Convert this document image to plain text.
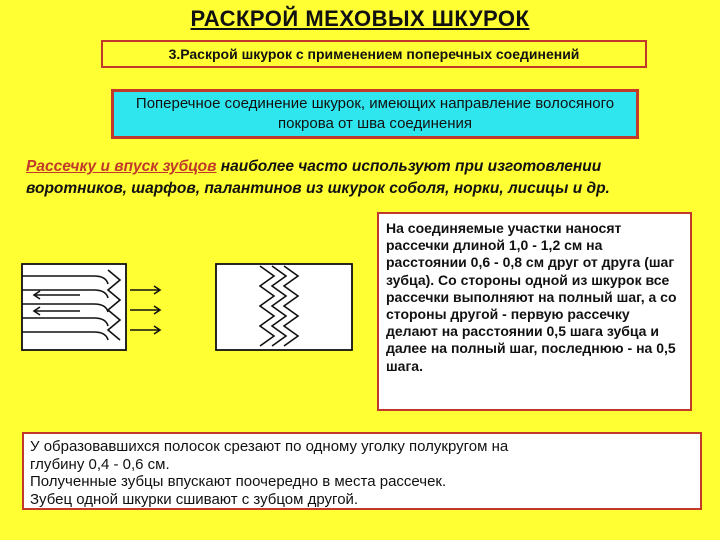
РАСКРОЙ МЕХОВЫХ ШКУРОК
3.Раскрой шкурок с применением поперечных соединений
Поперечное соединение шкурок, имеющих направление волосяного покрова от шва соединения
Рассечку и впуск зубцов наиболее часто используют при изготовлении воротников, шарфов, палантинов из шкурок соболя, норки, лисицы и др.
На соединяемые участки наносят рассечки длиной 1,0 - 1,2 см на расстоянии 0,6 - 0,8 см друг от друга (шаг зубца). Со стороны одной из шкурок все рассечки выполняют на полный шаг, а со стороны другой - первую рассечку делают на расстоянии 0,5 шага зубца и далее на полный шаг, последнюю - на 0,5 шага.
У образовавшихся полосок срезают по одному уголку полукругом на
глубину 0,4 - 0,6 см.
Полученные зубцы впускают поочередно в места рассечек.
Зубец одной шкурки сшивают с зубцом другой.
